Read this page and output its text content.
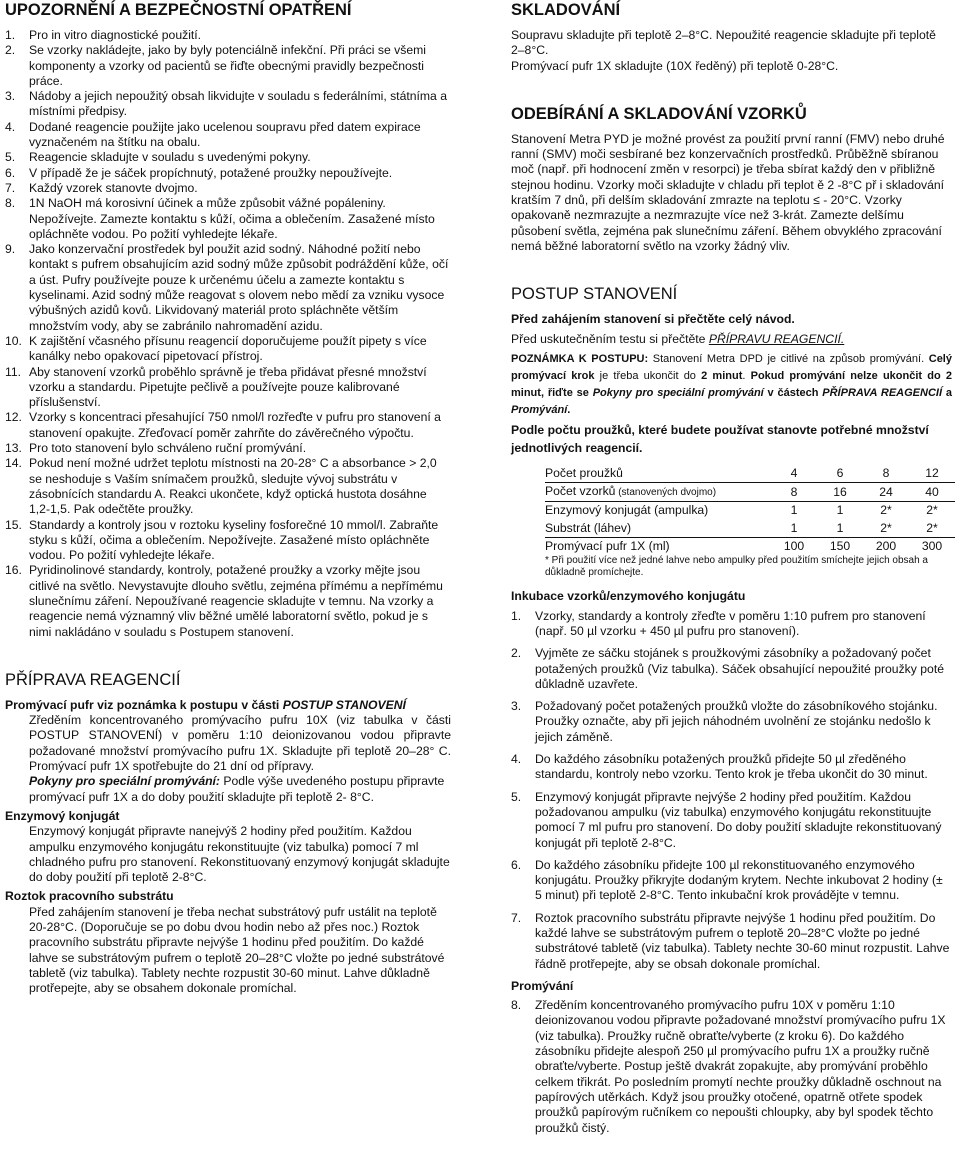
UPOZORNĚNÍ A BEZPEČNOSTNÍ OPATŘENÍ
1.	Pro in vitro diagnostické použití.
2.	Se vzorky nakládejte, jako by byly potenciálně infekční. Při práci se všemi komponenty a vzorky od pacientů se řiďte obecnými pravidly bezpečnosti práce.
3.	Nádoby a jejich nepoužitý obsah likvidujte v souladu s federálními, státníma a místními předpisy.
4.	Dodané reagencie použijte jako ucelenou soupravu před datem expirace vyznačeném na štítku na obalu.
5.	Reagencie skladujte v souladu s uvedenými pokyny.
6.	V případě že je sáček propíchnutý, potažené proužky nepoužívejte.
7.	Každý vzorek stanovte dvojmo.
8.	1N NaOH má korosivní účinek a může způsobit vážné popáleniny. Nepožívejte. Zamezte kontaktu s kůží, očima a oblečením. Zasažené místo opláchněte vodou. Po požití vyhledejte lékaře.
9.	Jako konzervační prostředek byl použit azid sodný. Náhodné požití nebo kontakt s pufrem obsahujícím azid sodný může způsobit podráždění kůže, očí a úst. Pufry používejte pouze k určenému účelu a zamezte kontaktu s kyselinami. Azid sodný může reagovat s olovem nebo mědí za vzniku vysoce výbušných azidů kovů. Likvidovaný materiál proto spláchněte větším množstvím vody, aby se zabránilo nahromadění azidu.
10. K zajištění včasného přísunu reagencií doporučujeme použít pipety s více kanálky nebo opakovací pipetovací přístroj.
11. Aby stanovení vzorků proběhlo správně je třeba přidávat přesné množství vzorku a standardu. Pipetujte pečlivě a používejte pouze kalibrované příslušenství.
12. Vzorky s koncentraci přesahující 750 nmol/l rozřeďte v pufru pro stanovení a stanovení opakujte. Zřeďovací poměr zahrňte do závěrečného výpočtu.
13. Pro toto stanovení bylo schváleno ruční promývání.
14. Pokud není možné udržet teplotu místnosti na 20-28° C a absorbance > 2,0 se neshoduje s Vaším snímačem proužků, sledujte vývoj substrátu v zásobnících standardu A. Reakci ukončete, když optická hustota dosáhne 1,2-1,5. Pak odečtěte proužky.
15. Standardy a kontroly jsou v roztoku kyseliny fosforečné 10 mmol/l. Zabraňte styku s kůží, očima a oblečením. Nepožívejte. Zasažené místo opláchněte vodou. Po požití vyhledejte lékaře.
16. Pyridinolinové standardy, kontroly, potažené proužky a vzorky mějte jsou citlivé na světlo. Nevystavujte dlouho světlu, zejména přímému a nepřímému slunečnímu záření. Nepoužívané reagencie skladujte v temnu. Na vzorky a reagencie nemá významný vliv běžné umělé laboratorní světlo, pokud je s nimi nakládáno v souladu s Postupem stanovení.
PŘÍPRAVA REAGENCIÍ
Promývací pufr viz poznámka k postupu v části POSTUP STANOVENÍ
Zředěním koncentrovaného promývacího pufru 10X (viz tabulka v části POSTUP STANOVENÍ) v poměru 1:10 deionizovanou vodou připravte požadované množství promývacího pufru 1X. Skladujte při teplotě 20–28° C. Promývací pufr 1X spotřebujte do 21 dní od přípravy.
Pokyny pro speciální promývání: Podle výše uvedeného postupu připravte promývací pufr 1X a do doby použití skladujte při teplotě 2- 8°C.
Enzymový konjugát
Enzymový konjugát připravte nanejvýš 2 hodiny před použitím. Každou ampulku enzymového konjugátu rekonstituujte (viz tabulka) pomocí 7 ml chladného pufru pro stanovení. Rekonstituovaný enzymový konjugát skladujte do doby použití při teplotě 2-8°C.
Roztok pracovního substrátu
Před zahájením stanovení je třeba nechat substrátový pufr ustálit na teplotě 20-28°C. (Doporučuje se po dobu dvou hodin nebo až přes noc.) Roztok pracovního substrátu připravte nejvýše 1 hodinu před použitím. Do každé lahve se substrátovým pufrem o teplotě 20–28°C vložte po jedné substrátové tabletě (viz tabulka). Tablety nechte rozpustit 30-60 minut. Lahve důkladně protřepejte, aby se obsahem dokonale promíchal.
SKLADOVÁNÍ
Soupravu skladujte při teplotě 2–8°C. Nepoužité reagencie skladujte při teplotě 2–8°C.
Promývací pufr 1X skladujte (10X ředěný) při teplotě 0-28°C.
ODEBÍRÁNÍ A SKLADOVÁNÍ VZORKŮ
Stanovení Metra PYD je možné provést za použití první ranní (FMV) nebo druhé ranní (SMV) moči sesbírané bez konzervačních prostředků. Průběžně sbíranou moč (např. při hodnocení změn v resorpci) je třeba sbírat každý den v přibližně stejnou hodinu. Vzorky moči skladujte v chladu při teplot ě 2 -8°C př i skladování kratším 7 dnů, při delším skladování zmrazte na teplotu ≤ - 20°C. Vzorky opakovaně nezmrazujte a nezmrazujte více než 3-krát. Zamezte delšímu působení světla, zejména pak slunečnímu záření. Během obvyklého zpracování nemá běžné laboratorní světlo na vzorky žádný vliv.
POSTUP STANOVENÍ
Před zahájením stanovení si přečtěte celý návod.
Před uskutečněním testu si přečtěte PŘÍPRAVU REAGENCIÍ.
POZNÁMKA K POSTUPU: Stanovení Metra DPD je citlivé na způsob promývání. Celý promývací krok je třeba ukončit do 2 minut. Pokud promývání nelze ukončit do 2 minut, řiďte se Pokyny pro speciální promývání v částech PŘÍPRAVA REAGENCIÍ a Promývání.
Podle počtu proužků, které budete používat stanovte potřebné množství jednotlivých reagencií.
Počet proužků	4	6	8	12
Počet vzorků (stanovených dvojmo)	8	16	24	40
Enzymový konjugát (ampulka)	1	1	2*	2*
Substrát (láhev)	1	1	2*	2*
Promývací pufr 1X (ml)	100	150	200	300
* Při použití více než jedné lahve nebo ampulky před použitím smíchejte jejich obsah a důkladně promíchejte.
Inkubace vzorků/enzymového konjugátu
1.	Vzorky, standardy a kontroly zřeďte v poměru 1:10 pufrem pro stanovení (např. 50 µl vzorku + 450 µl pufru pro stanovení).
2.	Vyjměte ze sáčku stojánek s proužkovými zásobníky a požadovaný počet potažených proužků (Viz tabulka). Sáček obsahující nepoužité proužky poté důkladně uzavřete.
3.	Požadovaný počet potažených proužků vložte do zásobníkového stojánku. Proužky označte, aby při jejich náhodném uvolnění ze stojánku nedošlo k jejich záměně.
4.	Do každého zásobníku potažených proužků přidejte 50 µl zředěného standardu, kontroly nebo vzorku. Tento krok je třeba ukončit do 30 minut.
5.	Enzymový konjugát připravte nejvýše 2 hodiny před použitím. Každou požadovanou ampulku (viz tabulka) enzymového konjugátu rekonstituujte pomocí 7 ml pufru pro stanovení. Do doby použití skladujte rekonstituovaný konjugát při teplotě 2-8°C.
6.	Do každého zásobníku přidejte 100 µl rekonstituovaného enzymového konjugátu. Proužky přikryjte dodaným krytem. Nechte inkubovat 2 hodiny (± 5 minut) při teplotě 2-8°C. Tento inkubační krok provádějte v temnu.
7.	Roztok pracovního substrátu připravte nejvýše 1 hodinu před použitím. Do každé lahve se substrátovým pufrem o teplotě 20–28°C vložte po jedné substrátové tabletě (viz tabulka). Tablety nechte 30-60 minut rozpustit. Lahve řádně protřepejte, aby se obsah dokonale promíchal.
Promývání
8.	Zředěním koncentrovaného promývacího pufru 10X v poměru 1:10 deionizovanou vodou připravte požadované množství promývacího pufru 1X (viz tabulka). Proužky ručně obraťte/vyberte (z kroku 6). Do každého zásobníku přidejte alespoň 250 µl promývacího pufru 1X a proužky ručně obraťte/vyberte. Postup ještě dvakrát zopakujte, aby promývání proběhlo celkem třikrát. Po posledním promytí nechte proužky důkladně oschnout na papírových utěrkách. Když jsou proužky otočené, opatrně otřete spodek proužků papírovým ručníkem co nepoušti chloupky, aby byl spodek těchto proužků čistý.
